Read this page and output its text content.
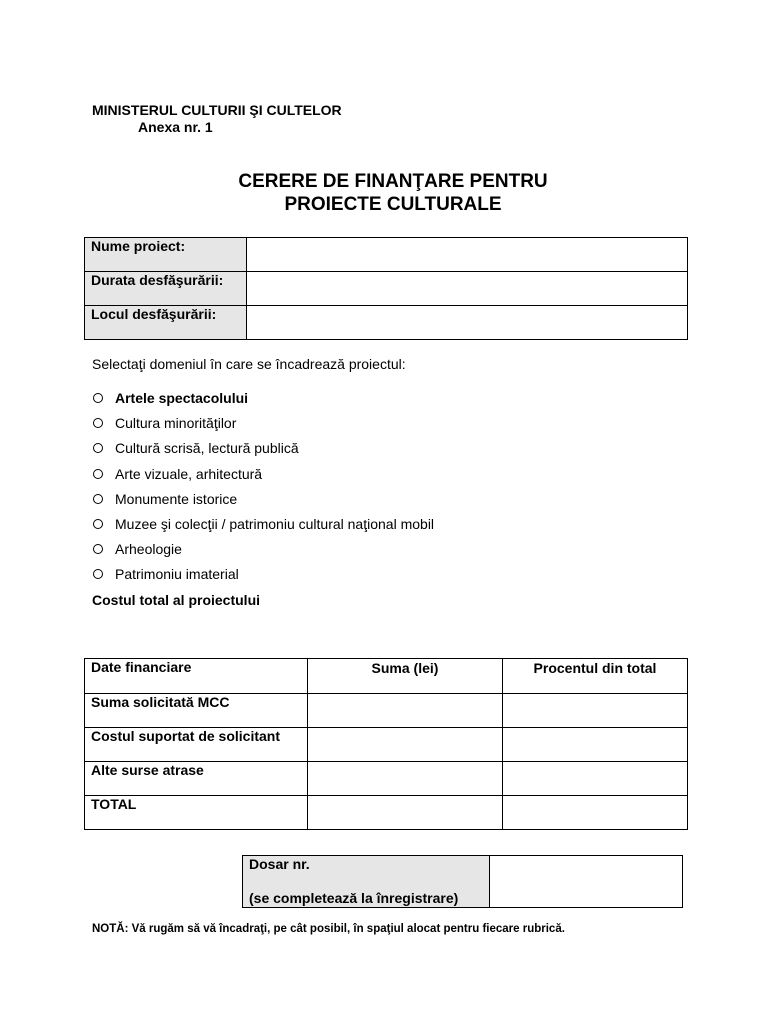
MINISTERUL CULTURII ŞI CULTELOR
Anexa nr. 1
CERERE DE FINANŢARE PENTRU
PROIECTE CULTURALE
Nume proiect:	
Durata desfăşurării:	
Locul desfăşurării:	
Selectaţi domeniul în care se încadrează proiectul:
Artele spectacolului
Cultura minorităţilor
Cultură scrisă, lectură publică
Arte vizuale, arhitectură
Monumente istorice
Muzee şi colecţii / patrimoniu cultural naţional mobil
Arheologie
Patrimoniu imaterial
Costul total al proiectului
Date financiare	Suma (lei)	Procentul din total
Suma solicitată MCC		
Costul suportat de solicitant		
Alte surse atrase		
TOTAL		
Dosar nr.
(se completează la înregistrare)

NOTĂ: Vă rugăm să vă încadraţi, pe cât posibil, în spaţiul alocat pentru fiecare rubrică.
